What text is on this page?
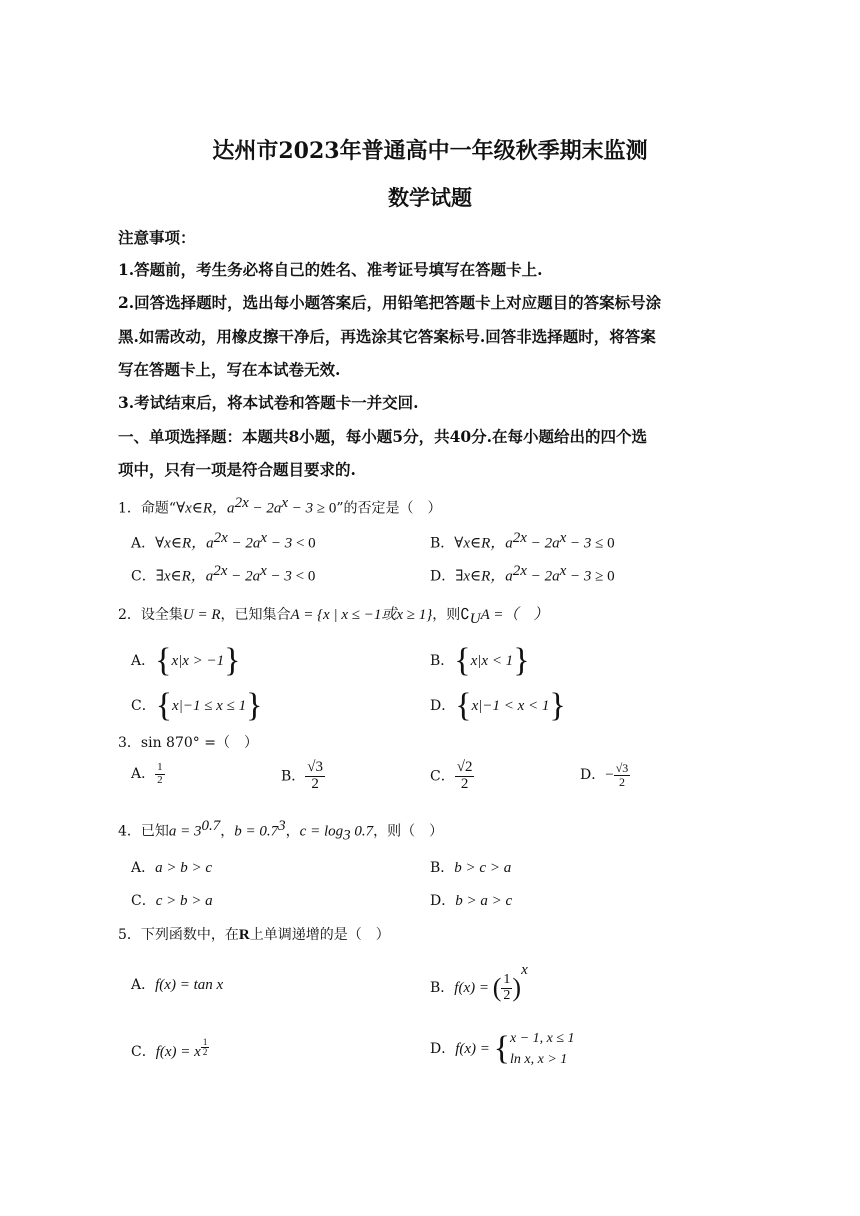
达州市2023年普通高中一年级秋季期末监测
数学试题
注意事项：
1.答题前，考生务必将自己的姓名、准考证号填写在答题卡上.
2.回答选择题时，选出每小题答案后，用铅笔把答题卡上对应题目的答案标号涂
黑.如需改动，用橡皮擦干净后，再选涂其它答案标号.回答非选择题时，将答案
写在答题卡上，写在本试卷无效.
3.考试结束后，将本试卷和答题卡一并交回.
一、单项选择题：本题共8小题，每小题5分，共40分.在每小题给出的四个选
项中，只有一项是符合题目要求的.
1．命题“∀x∈R，$a^{2x} - 2a^x - 3 \ge 0$”的否定是（　）
A．∀x∈R，$a^{2x} - 2a^x - 3 < 0$	B．∀x∈R，$a^{2x} - 2a^x - 3 \le 0$
C．∃x∈R，$a^{2x} - 2a^x - 3 < 0$	D．∃x∈R，$a^{2x} - 2a^x - 3 \ge 0$
2．设全集U = R，已知集合A = {x | x ≤ −1或x ≥ 1}，则$∁_UA$ =（　）
A．{x|x > −1}	B．{x|x < 1}
C．{x|−1 ≤ x ≤ 1}	D．{x|−1 < x < 1}
3．sin 870° =（　）
A． $\frac{1}{2}$	B． $\frac{√3}{2}$	C． $\frac{√2}{2}$	D．− $\frac{√3}{2}$
4．已知$a = 3^{0.7}$，$b = 0.7^3$，$c = \log_3 0.7$，则（　）
A．a > b > c	B．b > c > a
C．c > b > a	D．b > a > c
5．下列函数中，在R上单调递增的是（　）
A．f(x) = tan x	B．f(x) = ( $\frac{1}{2} )^x$
C．f(x) = x $^{\frac{1}{2}}$	D．f(x) = { x − 1, x ≤ 1
ln x, x > 1
